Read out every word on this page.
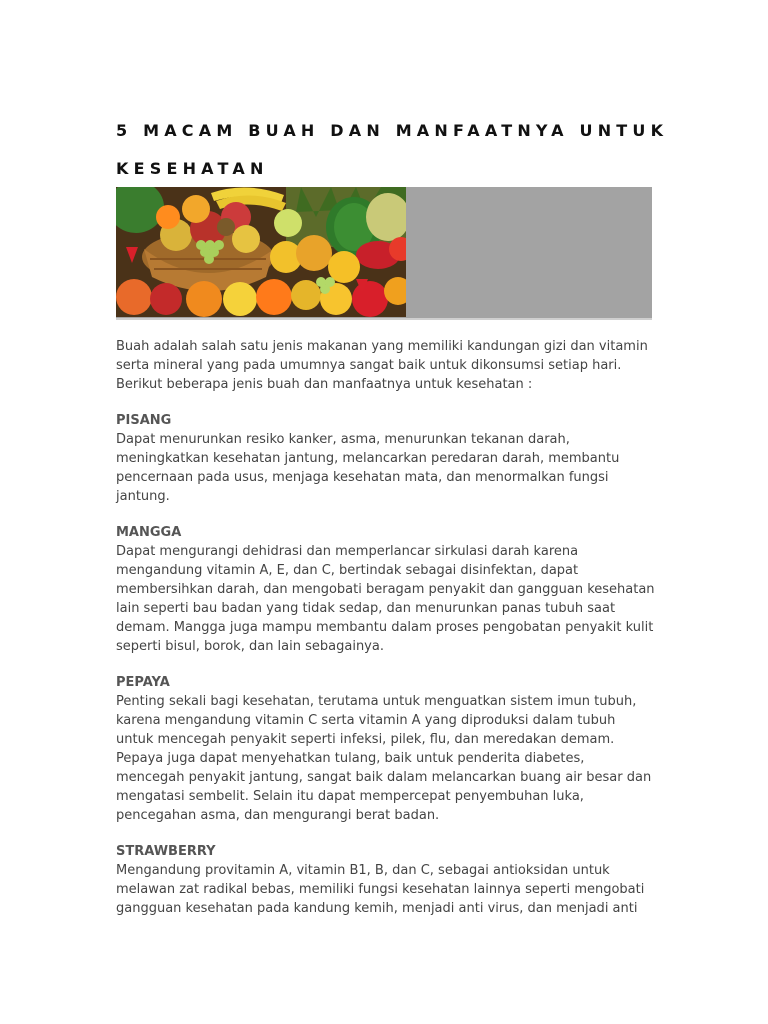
5 MACAM BUAH DAN MANFAATNYA UNTUK
KESEHATAN

Buah adalah salah satu jenis makanan yang memiliki kandungan gizi dan vitamin serta mineral yang pada umumnya sangat baik untuk dikonsumsi setiap hari. Berikut beberapa jenis buah dan manfaatnya untuk kesehatan :

PISANG

Dapat menurunkan resiko kanker, asma, menurunkan tekanan darah, meningkatkan kesehatan jantung, melancarkan peredaran darah, membantu pencernaan pada usus, menjaga kesehatan mata, dan menormalkan fungsi jantung.

MANGGA

Dapat mengurangi dehidrasi dan memperlancar sirkulasi darah karena mengandung vitamin A, E, dan C, bertindak sebagai disinfektan, dapat membersihkan darah, dan mengobati beragam penyakit dan gangguan kesehatan lain seperti bau badan yang tidak sedap, dan menurunkan panas tubuh saat demam. Mangga juga mampu membantu dalam proses pengobatan penyakit kulit seperti bisul, borok, dan lain sebagainya.

PEPAYA

Penting sekali bagi kesehatan, terutama untuk menguatkan sistem imun tubuh, karena mengandung vitamin C serta vitamin A yang diproduksi dalam tubuh untuk mencegah penyakit seperti infeksi, pilek, flu, dan meredakan demam. Pepaya juga dapat menyehatkan tulang, baik untuk penderita diabetes, mencegah penyakit jantung, sangat baik dalam melancarkan buang air besar dan mengatasi sembelit. Selain itu dapat mempercepat penyembuhan luka, pencegahan asma, dan mengurangi berat badan.

STRAWBERRY

Mengandung provitamin A, vitamin B1, B, dan C, sebagai antioksidan untuk melawan zat radikal bebas, memiliki fungsi kesehatan lainnya seperti mengobati gangguan kesehatan pada kandung kemih, menjadi anti virus, dan menjadi anti
